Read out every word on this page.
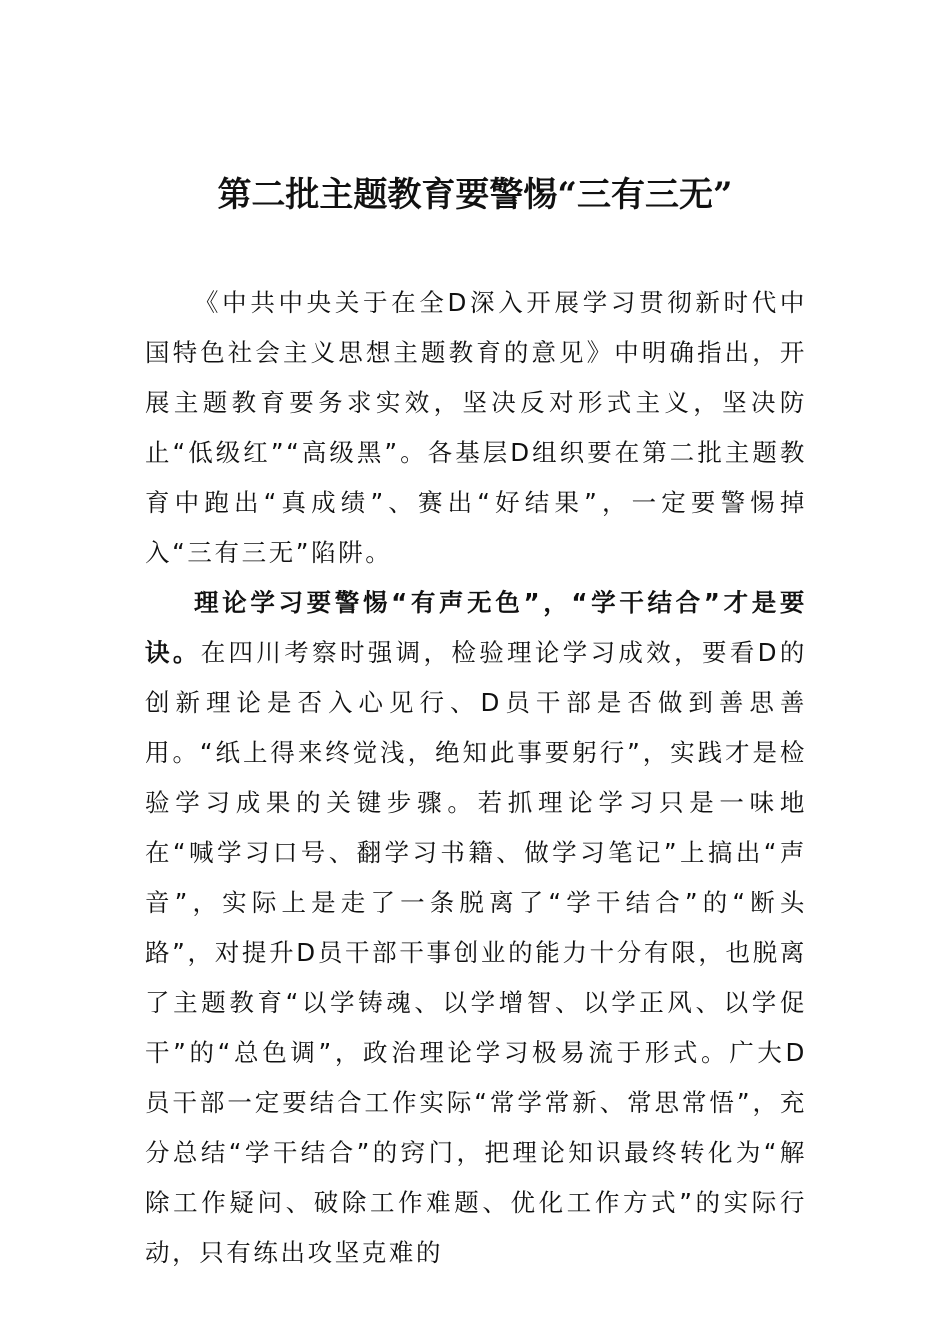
第二批主题教育要警惕“三有三无”

《中共中央关于在全D深入开展学习贯彻新时代中国特色社会主义思想主题教育的意见》中明确指出，开展主题教育要务求实效，坚决反对形式主义，坚决防止“低级红”“高级黑”。各基层D组织要在第二批主题教育中跑出“真成绩”、赛出“好结果”，一定要警惕掉入“三有三无”陷阱。

理论学习要警惕“有声无色”，“学干结合”才是要诀。在四川考察时强调，检验理论学习成效，要看D的创新理论是否入心见行、D员干部是否做到善思善用。“纸上得来终觉浅，绝知此事要躬行”，实践才是检验学习成果的关键步骤。若抓理论学习只是一味地在“喊学习口号、翻学习书籍、做学习笔记”上搞出“声音”，实际上是走了一条脱离了“学干结合”的“断头路”，对提升D员干部干事创业的能力十分有限，也脱离了主题教育“以学铸魂、以学增智、以学正风、以学促干”的“总色调”，政治理论学习极易流于形式。广大D员干部一定要结合工作实际“常学常新、常思常悟”，充分总结“学干结合”的窍门，把理论知识最终转化为“解除工作疑问、破除工作难题、优化工作方式”的实际行动，只有练出攻坚克难的
